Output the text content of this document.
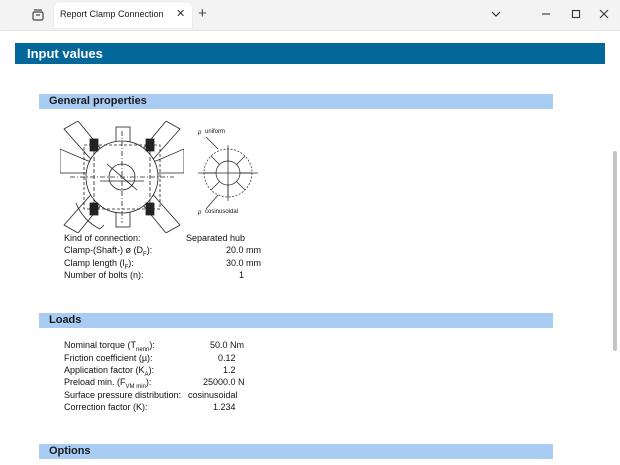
Report Clamp Connection ✕ +
Input values
General properties
p uniform
p cosinusoidal
Kind of connection:	Separated hub
Clamp-(Shaft-) ø $(D_F)$:	20.0 mm
Clamp length $(l_F)$:	30.0 mm
Number of bolts (n):	1
Loads
Nominal torque $(T_{nenn})$:	50.0 Nm
Friction coefficient (µ):	0.12
Application factor $(K_A)$:	1.2
Preload min. $(F_{VM min})$:	25000.0 N
Surface pressure distribution: cosinusoidal
Correction factor (K):	1.234
Options
